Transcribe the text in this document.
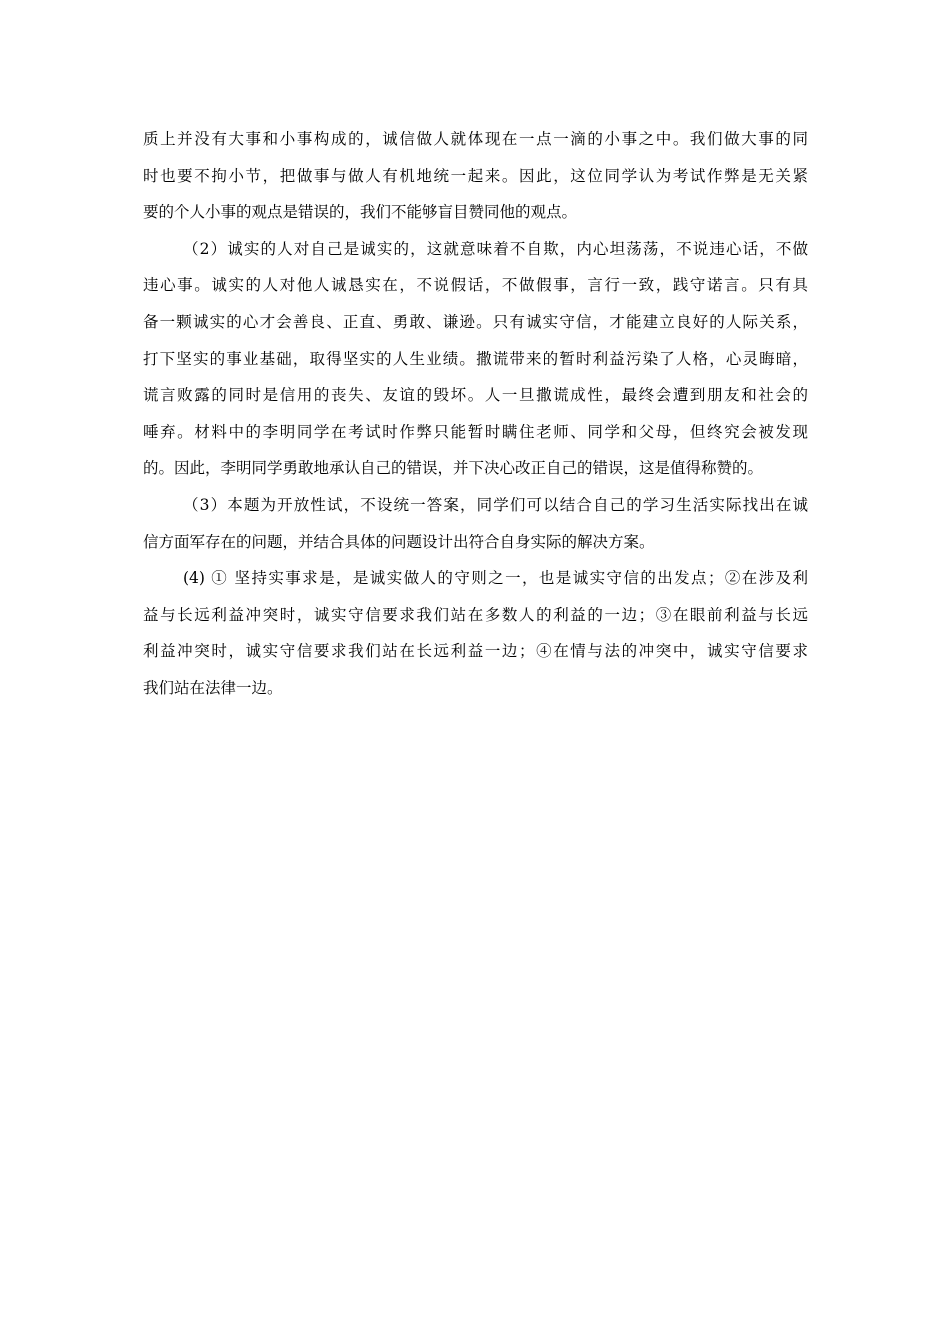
质上并没有大事和小事构成的，诚信做人就体现在一点一滴的小事之中。我们做大事的同
时也要不拘小节，把做事与做人有机地统一起来。因此，这位同学认为考试作弊是无关紧
要的个人小事的观点是错误的，我们不能够盲目赞同他的观点。
（2）诚实的人对自己是诚实的，这就意味着不自欺，内心坦荡荡，不说违心话，不做
违心事。诚实的人对他人诚恳实在，不说假话，不做假事，言行一致，践守诺言。只有具
备一颗诚实的心才会善良、正直、勇敢、谦逊。只有诚实守信，才能建立良好的人际关系，
打下坚实的事业基础，取得坚实的人生业绩。撒谎带来的暂时利益污染了人格，心灵晦暗，
谎言败露的同时是信用的丧失、友谊的毁坏。人一旦撒谎成性，最终会遭到朋友和社会的
唾弃。材料中的李明同学在考试时作弊只能暂时瞒住老师、同学和父母，但终究会被发现
的。因此，李明同学勇敢地承认自己的错误，并下决心改正自己的错误，这是值得称赞的。
（3）本题为开放性试，不设统一答案，同学们可以结合自己的学习生活实际找出在诚
信方面军存在的问题，并结合具体的问题设计出符合自身实际的解决方案。
(4) ① 坚持实事求是，是诚实做人的守则之一，也是诚实守信的出发点；②在涉及利
益与长远利益冲突时，诚实守信要求我们站在多数人的利益的一边；③在眼前利益与长远
利益冲突时，诚实守信要求我们站在长远利益一边；④在情与法的冲突中，诚实守信要求
我们站在法律一边。
